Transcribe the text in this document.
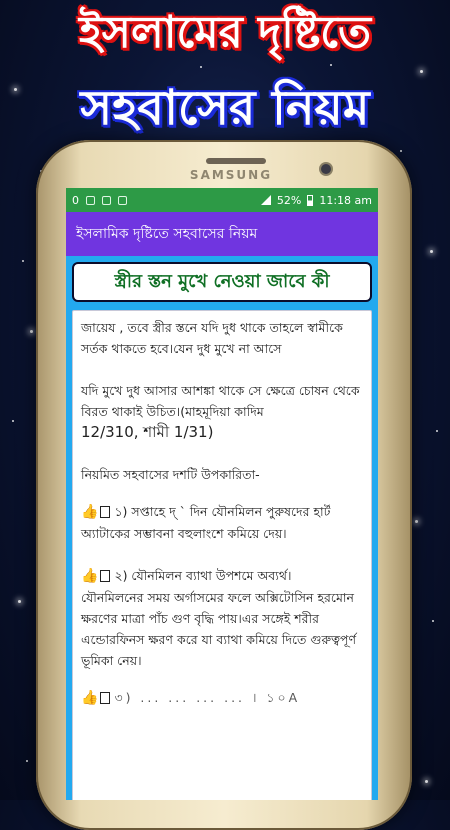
ইসলামের দৃষ্টিতে
সহবাসের নিয়ম
SAMSUNG
0	52% 11:18 am
ইসলামিক দৃষ্টিতে সহবাসের নিয়ম
স্ত্রীর স্তন মুখে নেওয়া জাবে কী

জায়েয , তবে স্ত্রীর স্তনে যদি দুধ থাকে তাহলে স্বামীকে সর্তক থাকতে হবে।যেন দুধ মুখে না আসে

যদি মুখে দুধ আসার আশঙ্কা থাকে সে ক্ষেত্রে চোষন থেকে বিরত থাকাই উচিত।(মাহমূদিয়া কাদিম
12/310, শামী 1/31)

নিয়মিত সহবাসের দশটি উপকারিতা-

👍 ১) সপ্তাহে দ্ ` দিন যৌনমিলন পুরুষদের হার্ট অ্যাটাকের সম্ভাবনা বহুলাংশে কমিয়ে দেয়।

👍 ২) যৌনমিলন ব্যাথা উপশমে অব্যর্থ।
যৌনমিলনের সময় অর্গাসমের ফলে অক্সিটোসিন হরমোন ক্ষরণের মাত্রা পাঁচ গুণ বৃদ্ধি পায়।এর সঙ্গেই শরীর এন্ডোরফিনস ক্ষরণ করে যা ব্যাথা কমিয়ে দিতে গুরুত্বপূর্ণ ভূমিকা নেয়।

👍 ৩) ... ... ... ... । ১০A
